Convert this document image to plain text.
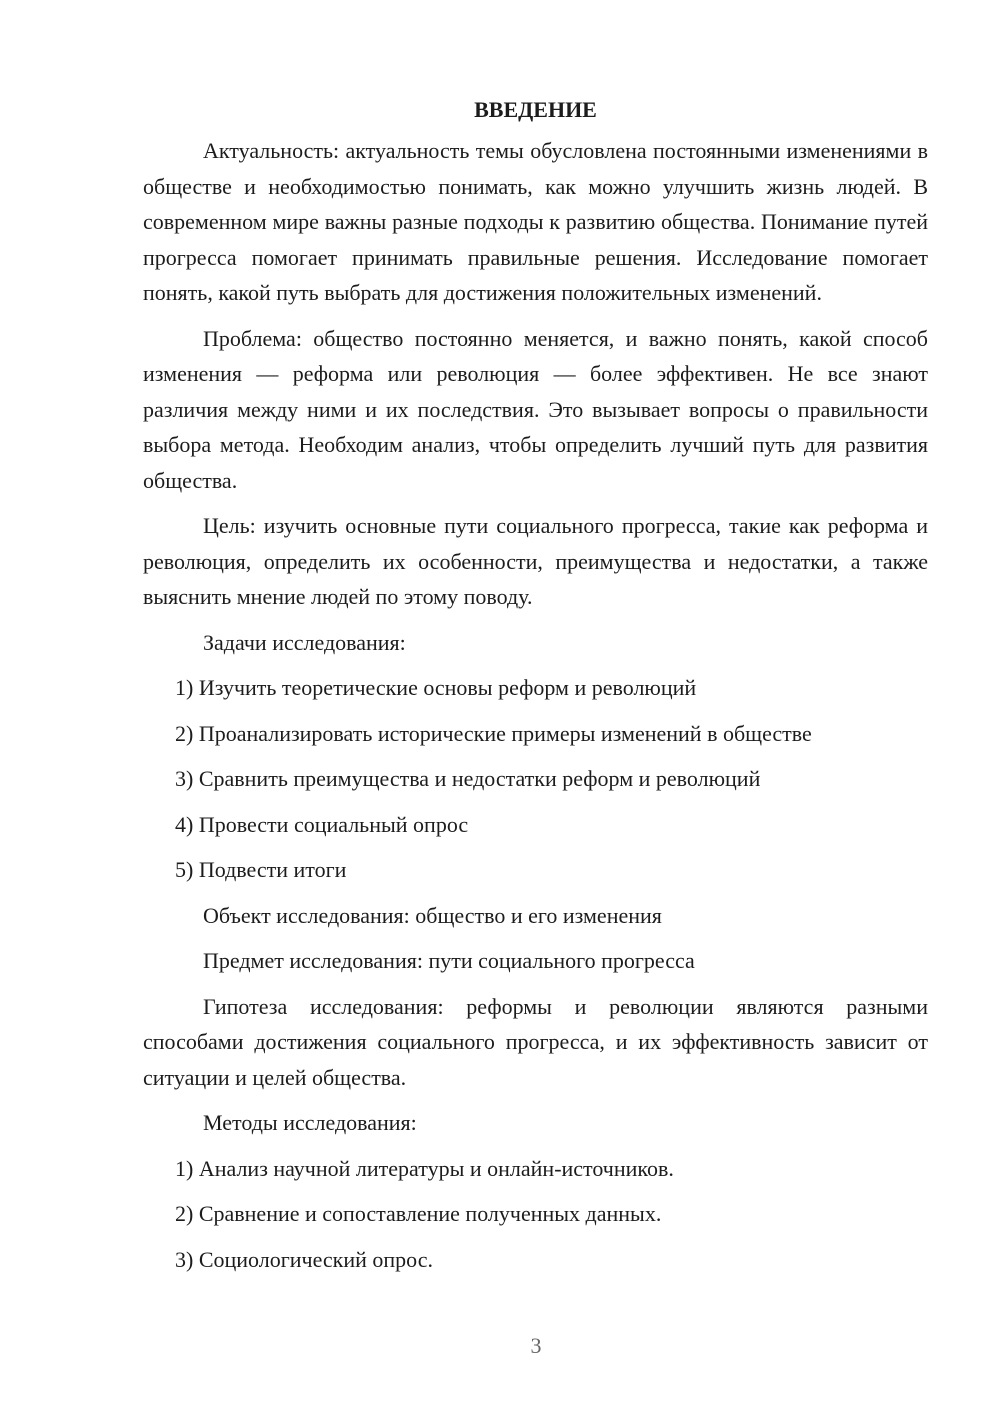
ВВЕДЕНИЕ

Актуальность: актуальность темы обусловлена постоянными изменениями в обществе и необходимостью понимать, как можно улучшить жизнь людей. В современном мире важны разные подходы к развитию общества. Понимание путей прогресса помогает принимать правильные решения. Исследование помогает понять, какой путь выбрать для достижения положительных изменений.

Проблема: общество постоянно меняется, и важно понять, какой способ изменения — реформа или революция — более эффективен. Не все знают различия между ними и их последствия. Это вызывает вопросы о правильности выбора метода. Необходим анализ, чтобы определить лучший путь для развития общества.

Цель: изучить основные пути социального прогресса, такие как реформа и революция, определить их особенности, преимущества и недостатки, а также выяснить мнение людей по этому поводу.

Задачи исследования:
1) Изучить теоретические основы реформ и революций
2) Проанализировать исторические примеры изменений в обществе
3) Сравнить преимущества и недостатки реформ и революций
4) Провести социальный опрос
5) Подвести итоги
Объект исследования: общество и его изменения
Предмет исследования: пути социального прогресса

Гипотеза исследования: реформы и революции являются разными способами достижения социального прогресса, и их эффективность зависит от ситуации и целей общества.

Методы исследования:
1) Анализ научной литературы и онлайн-источников.
2) Сравнение и сопоставление полученных данных.
3) Социологический опрос.
3
